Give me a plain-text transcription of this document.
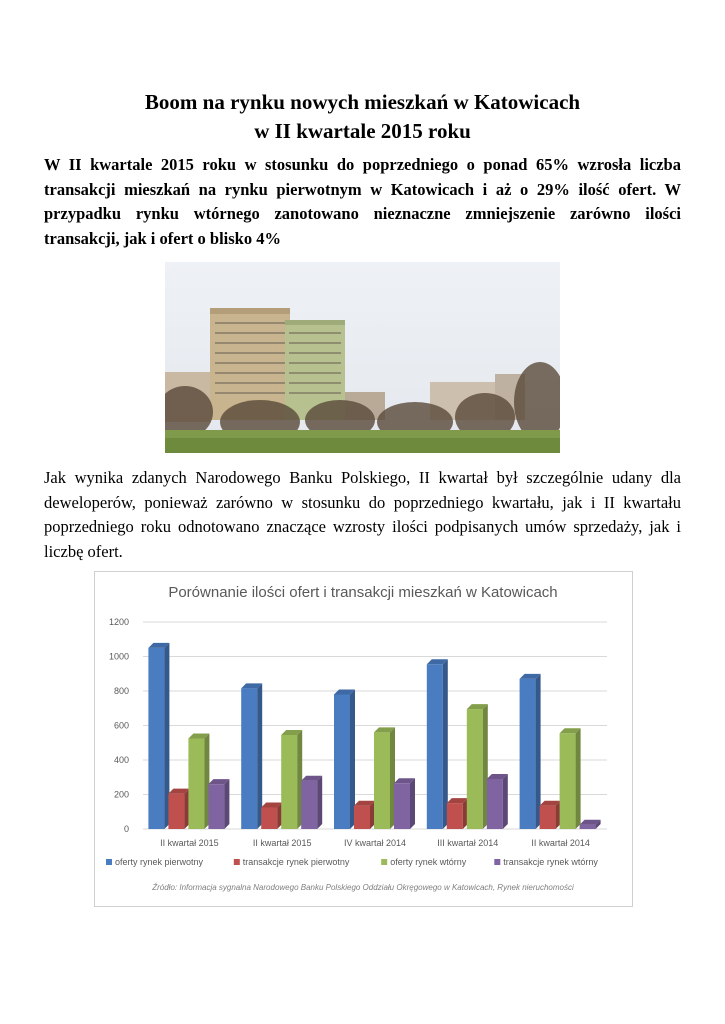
Boom na rynku nowych mieszkań w Katowicach
w II kwartale 2015 roku
W II kwartale 2015 roku w stosunku do poprzedniego o ponad 65% wzrosła liczba transakcji mieszkań na rynku pierwotnym w Katowicach i aż o 29% ilość ofert. W przypadku rynku wtórnego zanotowano nieznaczne zmniejszenie zarówno ilości transakcji, jak i ofert o blisko 4%
Jak wynika zdanych Narodowego Banku Polskiego, II kwartał był szczególnie udany dla deweloperów, ponieważ zarówno w stosunku do poprzedniego kwartału, jak i II kwartału poprzedniego roku odnotowano znaczące wzrosty ilości podpisanych umów sprzedaży, jak i liczbę ofert.
Porównanie ilości ofert i transakcji mieszkań w Katowicach
0
200
400
600
800
1000
1200
II kwartał 2015	II kwartał 2015	IV kwartał 2014	III kwartał 2014	II kwartał 2014
oferty rynek pierwotny	transakcje rynek pierwotny	oferty rynek wtórny	transakcje rynek wtórny
Źródło: Informacja sygnalna Narodowego Banku Polskiego Oddziału Okręgowego w Katowicach, Rynek nieruchomości
